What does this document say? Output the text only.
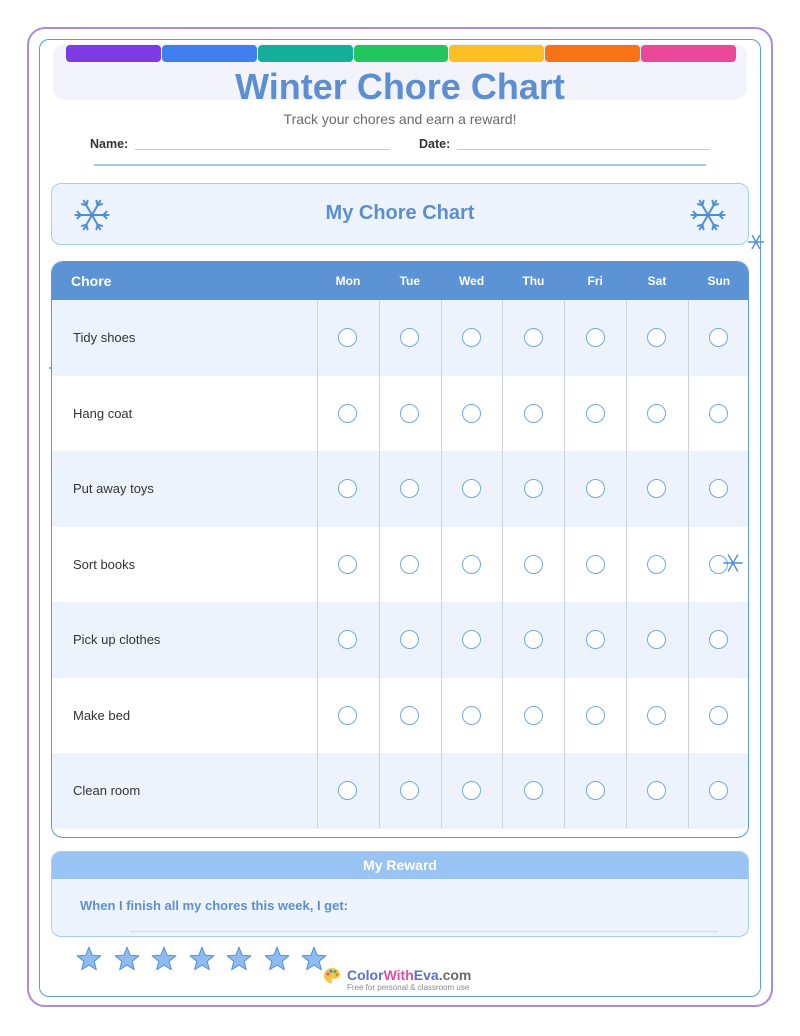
Winter Chore Chart
Track your chores and earn a reward!
Name:	Date:
My Chore Chart
Chore	Mon	Tue	Wed	Thu	Fri	Sat	Sun
Tidy shoes
Hang coat
Put away toys
Sort books
Pick up clothes
Make bed
Clean room
My Reward
When I finish all my chores this week, I get:
ColorWithEva.com
Free for personal & classroom use
